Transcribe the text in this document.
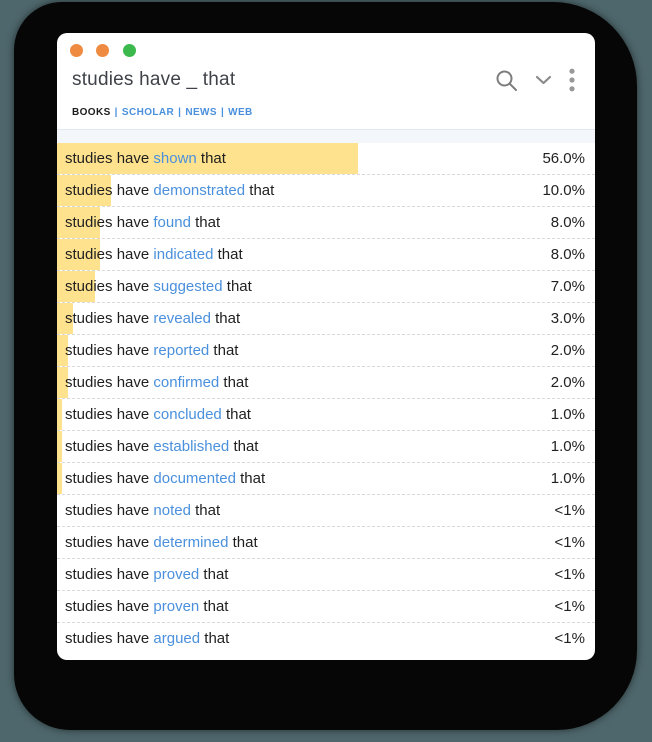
studies have _ that
BOOKS | SCHOLAR | NEWS | WEB
studies have shown that	56.0%
studies have demonstrated that	10.0%
studies have found that	8.0%
studies have indicated that	8.0%
studies have suggested that	7.0%
studies have revealed that	3.0%
studies have reported that	2.0%
studies have confirmed that	2.0%
studies have concluded that	1.0%
studies have established that	1.0%
studies have documented that	1.0%
studies have noted that	<1%
studies have determined that	<1%
studies have proved that	<1%
studies have proven that	<1%
studies have argued that	<1%
